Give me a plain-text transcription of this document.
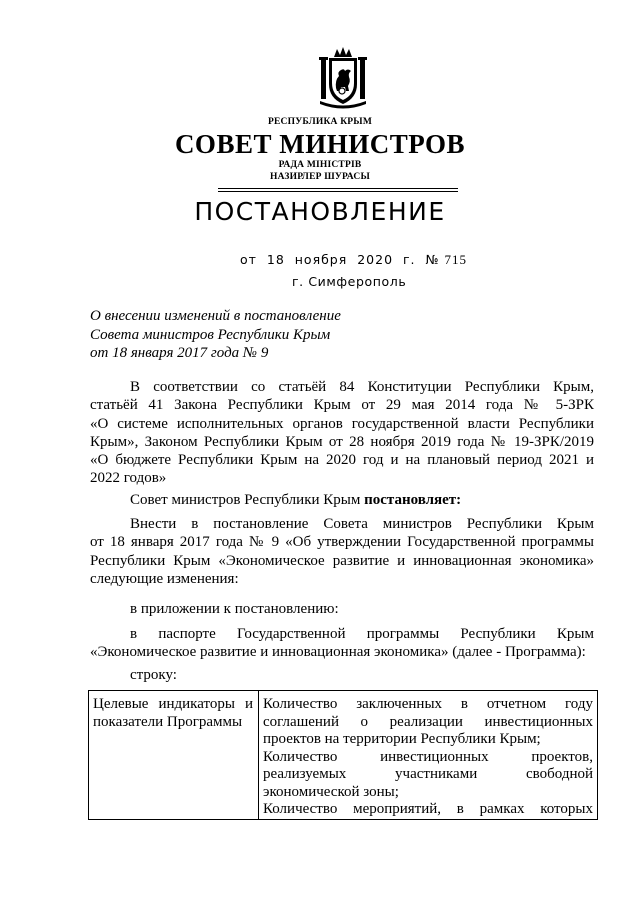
РЕСПУБЛИКА КРЫМ
СОВЕТ МИНИСТРОВ
РАДА МІНІСТРІВ
НАЗИРЛЕР ШУРАСЫ
ПОСТАНОВЛЕНИЕ
от 18 ноября 2020 г. № 715
г. Симферополь
О внесении изменений в постановление
Совета министров Республики Крым
от 18 января 2017 года № 9
В соответствии со статьёй 84 Конституции Республики Крым,
статьёй 41 Закона Республики Крым от 29 мая 2014 года № 5-ЗРК
«О системе исполнительных органов государственной власти Республики
Крым», Законом Республики Крым от 28 ноября 2019 года № 19-ЗРК/2019
«О бюджете Республики Крым на 2020 год и на плановый период 2021 и
2022 годов»
Совет министров Республики Крым постановляет:
Внести в постановление Совета министров Республики Крым
от 18 января 2017 года № 9 «Об утверждении Государственной программы
Республики Крым «Экономическое развитие и инновационная экономика»
следующие изменения:
в приложении к постановлению:
в паспорте Государственной программы Республики Крым
«Экономическое развитие и инновационная экономика» (далее - Программа):
строку:
Целевые индикаторы и
показатели Программы
Количество заключенных в отчетном году
соглашений о реализации инвестиционных
проектов на территории Республики Крым;
Количество инвестиционных проектов,
реализуемых участниками свободной
экономической зоны;
Количество мероприятий, в рамках которых
